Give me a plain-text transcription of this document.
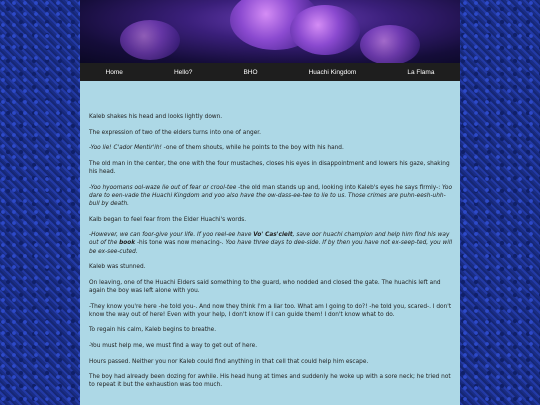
Home	Hello?	BHO	Huachi Kingdom	La Flama

Kaleb shakes his head and looks lightly down.

The expression of two of the elders turns into one of anger.

-Yoo lie! C'ador Mentir'ih! -one of them shouts, while he points to the boy with his hand.

The old man in the center, the one with the four mustaches, closes his eyes in disappointment and lowers his gaze, shaking his head.

-Yoo hyoomans ool-waze lie out of fear or crool-tee -the old man stands up and, looking into Kaleb's eyes he says firmly-: Yoo dare to een-vade the Huachi Kingdom and yoo also have the ow-dass-ee-tee to lie to us. Those crimes are puhn-eesh-uhh-bull by death.

Kalb began to feel fear from the Elder Huachi's words.

-However, we can foor-give your life. If yoo reel-ee have Vo' Cas'cieit, save oor huachi champion and help him find his way out of the book -his tone was now menacing-. Yoo have three days to dee-side. If by then you have not ex-seep-ted, you will be ex-see-cuted.

Kaleb was stunned.

On leaving, one of the Huachi Elders said something to the guard, who nodded and closed the gate. The huachis left and again the boy was left alone with you.

-They know you're here -he told you-. And now they think I'm a liar too. What am I going to do?! -he told you, scared-. I don't know the way out of here! Even with your help, I don't know if I can guide them! I don't know what to do.

To regain his calm, Kaleb begins to breathe.

-You must help me, we must find a way to get out of here.

Hours passed. Neither you nor Kaleb could find anything in that cell that could help him escape.

The boy had already been dozing for awhile. His head hung at times and suddenly he woke up with a sore neck; he tried not to repeat it but the exhaustion was too much.
